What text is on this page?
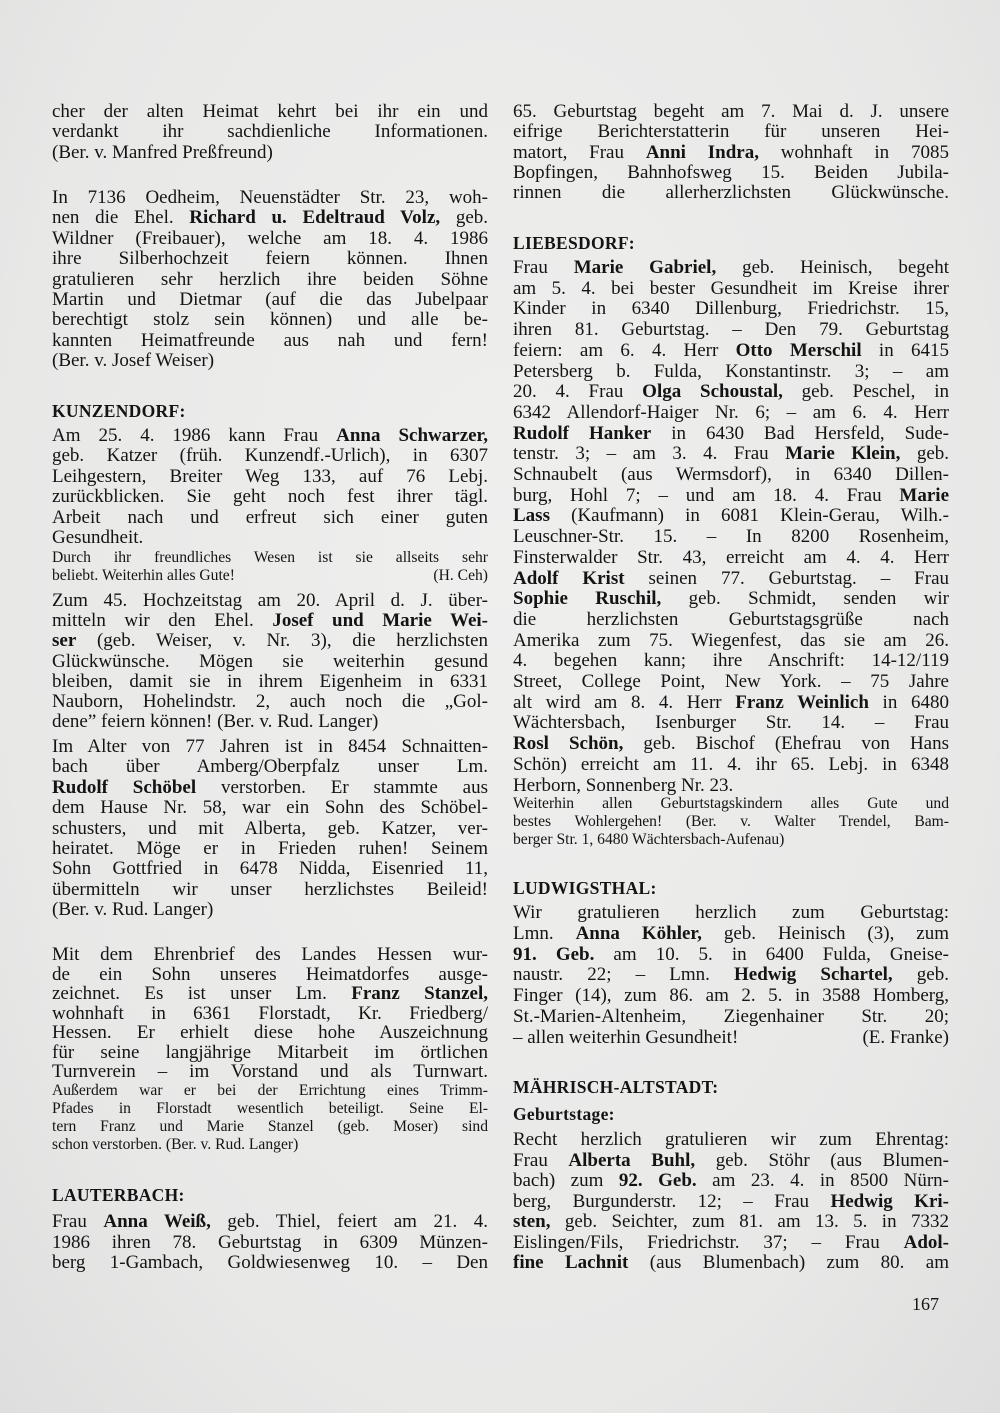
cher der alten Heimat kehrt bei ihr ein und
verdankt ihr sachdienliche Informationen.
(Ber. v. Manfred Preßfreund)
In 7136 Oedheim, Neuenstädter Str. 23, woh-
nen die Ehel. Richard u. Edeltraud Volz, geb.
Wildner (Freibauer), welche am 18. 4. 1986
ihre Silberhochzeit feiern können. Ihnen
gratulieren sehr herzlich ihre beiden Söhne
Martin und Dietmar (auf die das Jubelpaar
berechtigt stolz sein können) und alle be-
kannten Heimatfreunde aus nah und fern!
(Ber. v. Josef Weiser)
KUNZENDORF:
Am 25. 4. 1986 kann Frau Anna Schwarzer,
geb. Katzer (früh. Kunzendf.-Urlich), in 6307
Leihgestern, Breiter Weg 133, auf 76 Lebj.
zurückblicken. Sie geht noch fest ihrer tägl.
Arbeit nach und erfreut sich einer guten
Gesundheit.
Durch ihr freundliches Wesen ist sie allseits sehr
beliebt. Weiterhin alles Gute!	(H. Ceh)
Zum 45. Hochzeitstag am 20. April d. J. über-
mitteln wir den Ehel. Josef und Marie Wei-
ser (geb. Weiser, v. Nr. 3), die herzlichsten
Glückwünsche. Mögen sie weiterhin gesund
bleiben, damit sie in ihrem Eigenheim in 6331
Nauborn, Hohelindstr. 2, auch noch die „Gol-
dene” feiern können! (Ber. v. Rud. Langer)
Im Alter von 77 Jahren ist in 8454 Schnaitten-
bach über Amberg/Oberpfalz unser Lm.
Rudolf Schöbel verstorben. Er stammte aus
dem Hause Nr. 58, war ein Sohn des Schöbel-
schusters, und mit Alberta, geb. Katzer, ver-
heiratet. Möge er in Frieden ruhen! Seinem
Sohn Gottfried in 6478 Nidda, Eisenried 11,
übermitteln wir unser herzlichstes Beileid!
(Ber. v. Rud. Langer)
Mit dem Ehrenbrief des Landes Hessen wur-
de ein Sohn unseres Heimatdorfes ausge-
zeichnet. Es ist unser Lm. Franz Stanzel,
wohnhaft in 6361 Florstadt, Kr. Friedberg/
Hessen. Er erhielt diese hohe Auszeichnung
für seine langjährige Mitarbeit im örtlichen
Turnverein – im Vorstand und als Turnwart.
Außerdem war er bei der Errichtung eines Trimm-
Pfades in Florstadt wesentlich beteiligt. Seine El-
tern Franz und Marie Stanzel (geb. Moser) sind
schon verstorben. (Ber. v. Rud. Langer)
LAUTERBACH:
Frau Anna Weiß, geb. Thiel, feiert am 21. 4.
1986 ihren 78. Geburtstag in 6309 Münzen-
berg 1-Gambach, Goldwiesenweg 10. – Den
65. Geburtstag begeht am 7. Mai d. J. unsere
eifrige Berichterstatterin für unseren Hei-
matort, Frau Anni Indra, wohnhaft in 7085
Bopfingen, Bahnhofsweg 15. Beiden Jubila-
rinnen die allerherzlichsten Glückwünsche.
LIEBESDORF:
Frau Marie Gabriel, geb. Heinisch, begeht
am 5. 4. bei bester Gesundheit im Kreise ihrer
Kinder in 6340 Dillenburg, Friedrichstr. 15,
ihren 81. Geburtstag. – Den 79. Geburtstag
feiern: am 6. 4. Herr Otto Merschil in 6415
Petersberg b. Fulda, Konstantinstr. 3; – am
20. 4. Frau Olga Schoustal, geb. Peschel, in
6342 Allendorf-Haiger Nr. 6; – am 6. 4. Herr
Rudolf Hanker in 6430 Bad Hersfeld, Sude-
tenstr. 3; – am 3. 4. Frau Marie Klein, geb.
Schnaubelt (aus Wermsdorf), in 6340 Dillen-
burg, Hohl 7; – und am 18. 4. Frau Marie
Lass (Kaufmann) in 6081 Klein-Gerau, Wilh.-
Leuschner-Str. 15. – In 8200 Rosenheim,
Finsterwalder Str. 43, erreicht am 4. 4. Herr
Adolf Krist seinen 77. Geburtstag. – Frau
Sophie Ruschil, geb. Schmidt, senden wir
die herzlichsten Geburtstagsgrüße nach
Amerika zum 75. Wiegenfest, das sie am 26.
4. begehen kann; ihre Anschrift: 14-12/119
Street, College Point, New York. – 75 Jahre
alt wird am 8. 4. Herr Franz Weinlich in 6480
Wächtersbach, Isenburger Str. 14. – Frau
Rosl Schön, geb. Bischof (Ehefrau von Hans
Schön) erreicht am 11. 4. ihr 65. Lebj. in 6348
Herborn, Sonnenberg Nr. 23.
Weiterhin allen Geburtstagskindern alles Gute und
bestes Wohlergehen! (Ber. v. Walter Trendel, Bam-
berger Str. 1, 6480 Wächtersbach-Aufenau)
LUDWIGSTHAL:
Wir gratulieren herzlich zum Geburtstag:
Lmn. Anna Köhler, geb. Heinisch (3), zum
91. Geb. am 10. 5. in 6400 Fulda, Gneise-
naustr. 22; – Lmn. Hedwig Schartel, geb.
Finger (14), zum 86. am 2. 5. in 3588 Homberg,
St.-Marien-Altenheim, Ziegenhainer Str. 20;
– allen weiterhin Gesundheit!	(E. Franke)
MÄHRISCH-ALTSTADT:
Geburtstage:
Recht herzlich gratulieren wir zum Ehrentag:
Frau Alberta Buhl, geb. Stöhr (aus Blumen-
bach) zum 92. Geb. am 23. 4. in 8500 Nürn-
berg, Burgunderstr. 12; – Frau Hedwig Kri-
sten, geb. Seichter, zum 81. am 13. 5. in 7332
Eislingen/Fils, Friedrichstr. 37; – Frau Adol-
fine Lachnit (aus Blumenbach) zum 80. am
167
